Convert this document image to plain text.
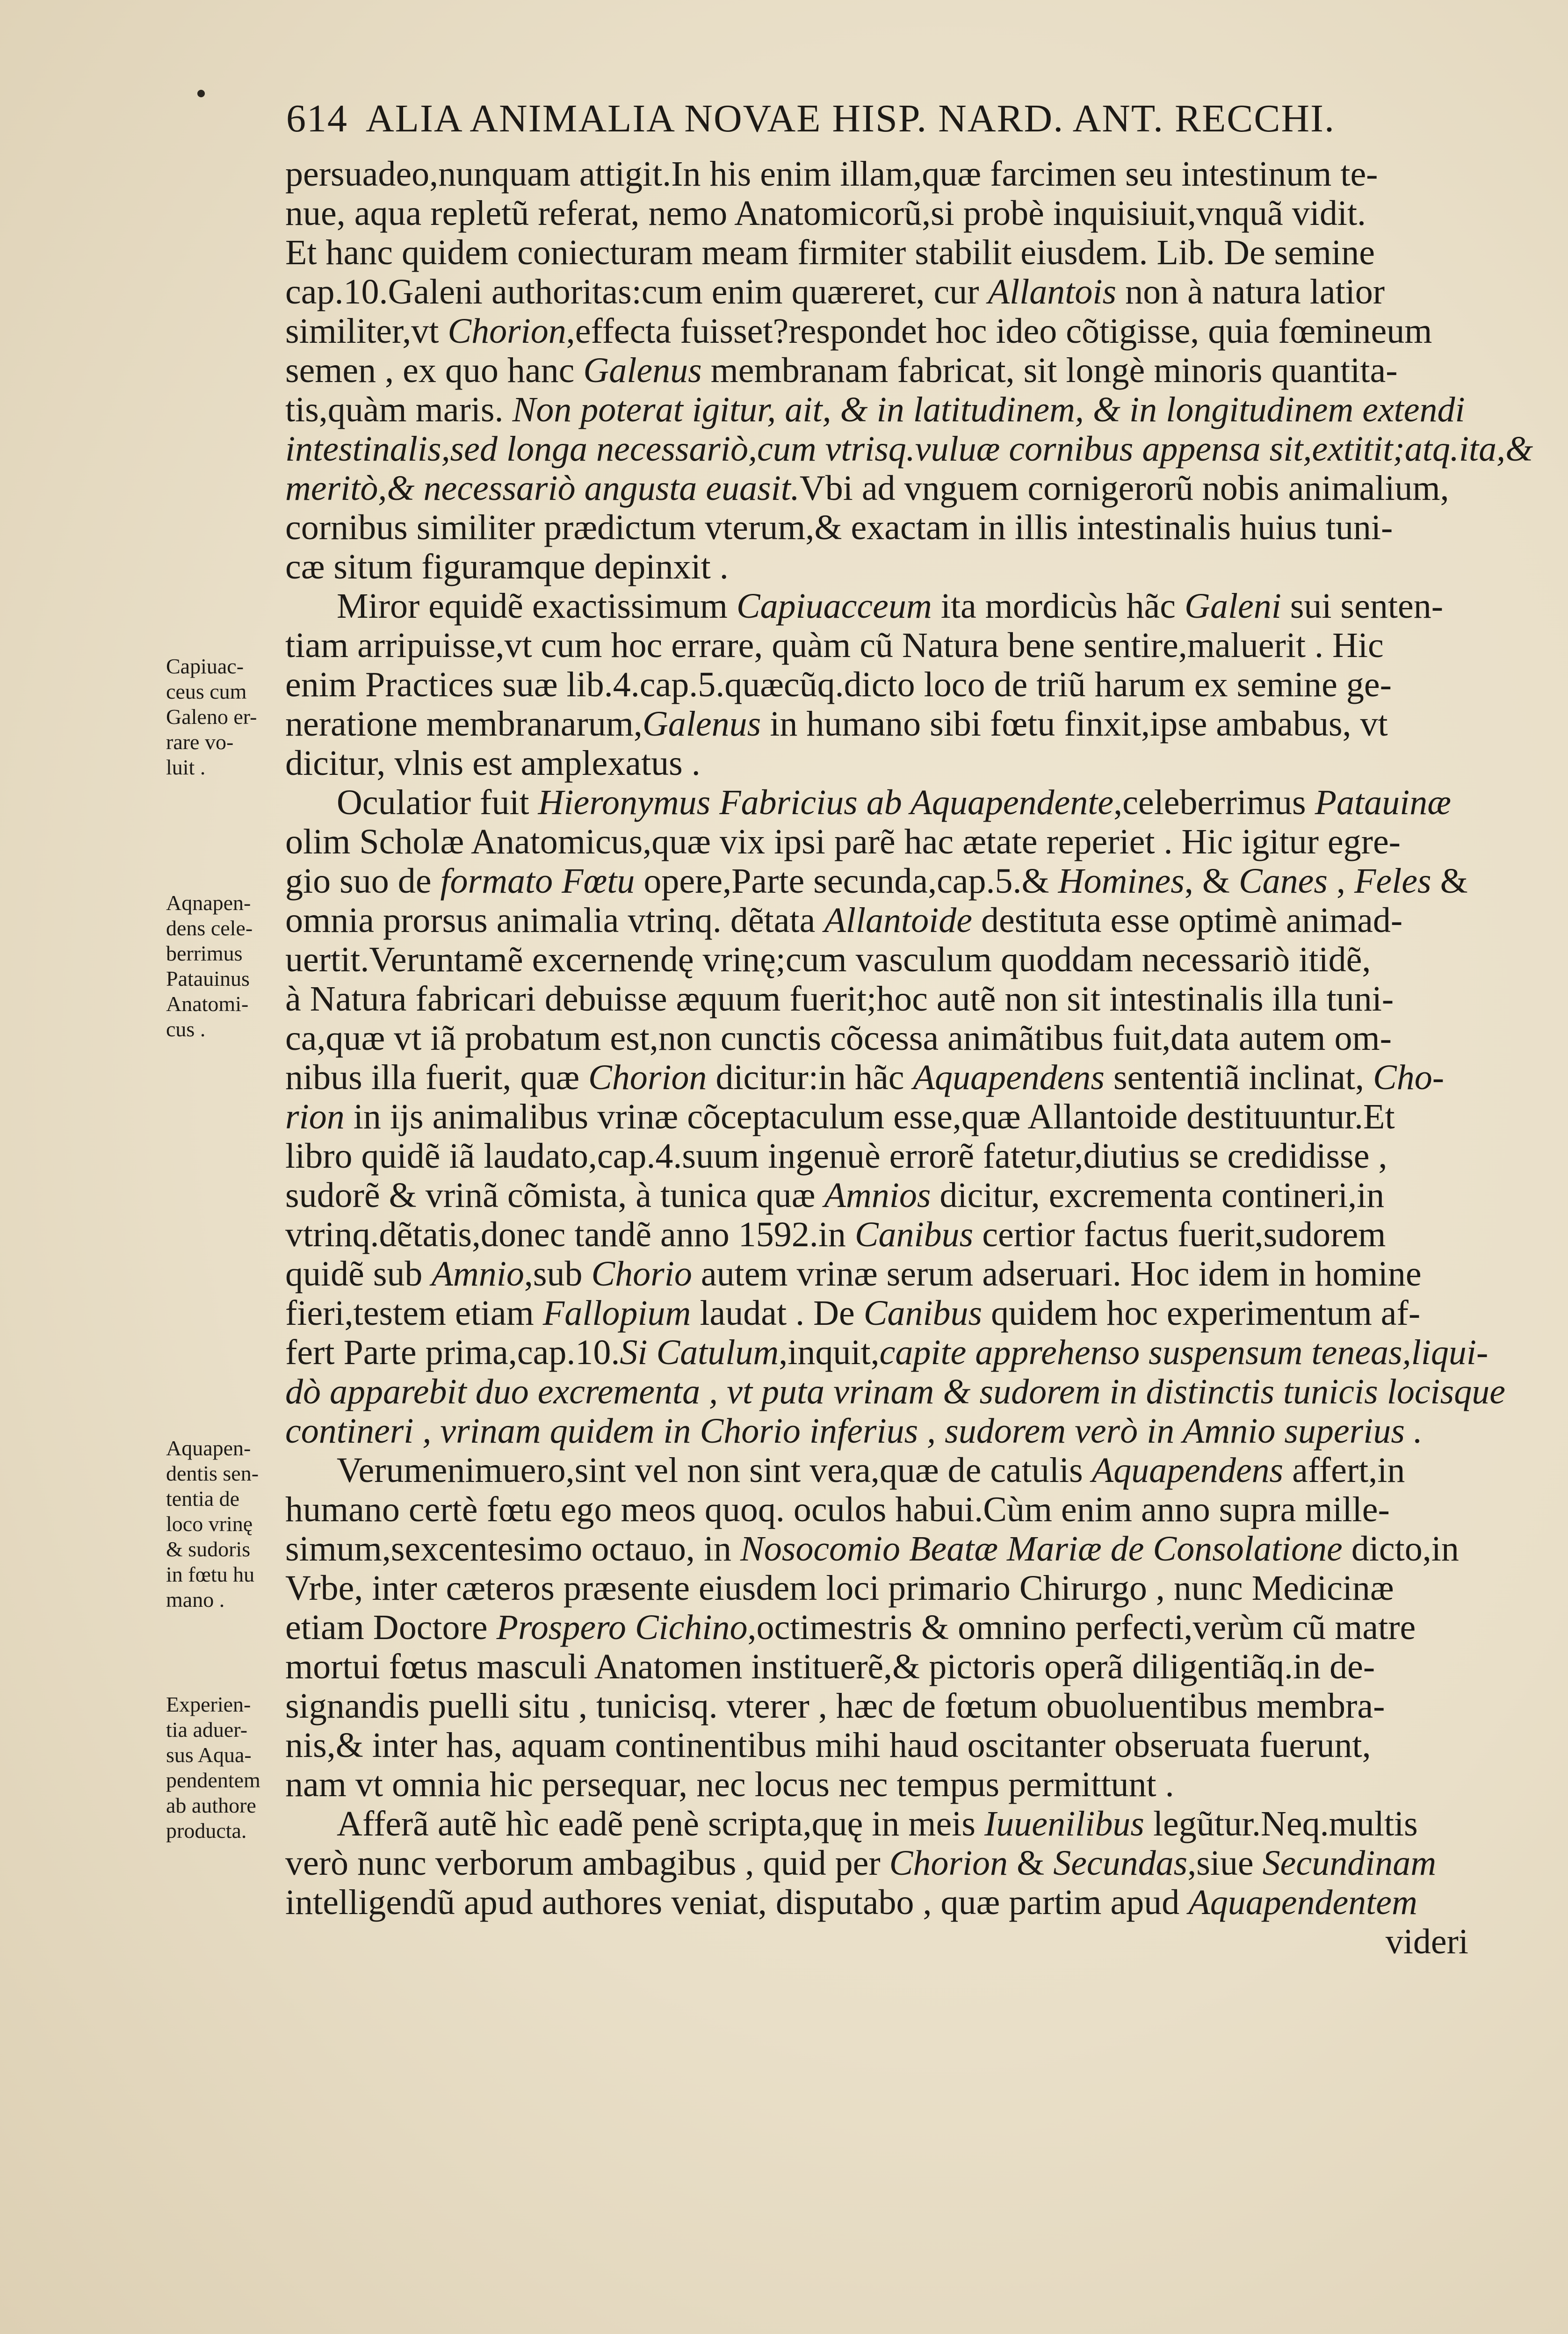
614 ALIA ANIMALIA NOVAE HISP. NARD. ANT. RECCHI.
Capiuac-
ceus cum
Galeno er-
rare vo-
luit .
Aqnapen-
dens cele-
berrimus
Patauinus
Anatomi-
cus .
Aquapen-
dentis sen-
tentia de
loco vrinę
& sudoris
in fœtu hu
mano .
Experien-
tia aduer-
sus Aqua-
pendentem
ab authore
producta.
persuadeo,nunquam attigit.In his enim illam,quæ farcimen seu intestinum te-
nue, aqua repletũ referat, nemo Anatomicorũ,si probè inquisiuit,vnquã vidit.
Et hanc quidem coniecturam meam firmiter stabilit eiusdem. Lib. De semine
cap.10.Galeni authoritas:cum enim quæreret, cur Allantois non à natura latior
similiter,vt Chorion,effecta fuisset?respondet hoc ideo cõtigisse, quia fœmineum
semen , ex quo hanc Galenus membranam fabricat, sit longè minoris quantita-
tis,quàm maris. Non poterat igitur, ait, & in latitudinem, & in longitudinem extendi
intestinalis,sed longa necessariò,cum vtrisq.vuluæ cornibus appensa sit,extitit;atq.ita,&
meritò,& necessariò angusta euasit.Vbi ad vnguem cornigerorũ nobis animalium,
cornibus similiter prædictum vterum,& exactam in illis intestinalis huius tuni-
cæ situm figuramque depinxit .
Miror equidẽ exactissimum Capiuacceum ita mordicùs hãc Galeni sui senten-
tiam arripuisse,vt cum hoc errare, quàm cũ Natura bene sentire,maluerit . Hic
enim Practices suæ lib.4.cap.5.quæcũq.dicto loco de triũ harum ex semine ge-
neratione membranarum,Galenus in humano sibi fœtu finxit,ipse ambabus, vt
dicitur, vlnis est amplexatus .
Oculatior fuit Hieronymus Fabricius ab Aquapendente,celeberrimus Patauinæ
olim Scholæ Anatomicus,quæ vix ipsi parẽ hac ætate reperiet . Hic igitur egre-
gio suo de formato Fœtu opere,Parte secunda,cap.5.& Homines, & Canes , Feles &
omnia prorsus animalia vtrinq. dẽtata Allantoide destituta esse optimè animad-
uertit.Veruntamẽ excernendę vrinę;cum vasculum quoddam necessariò itidẽ,
à Natura fabricari debuisse æquum fuerit;hoc autẽ non sit intestinalis illa tuni-
ca,quæ vt iã probatum est,non cunctis cõcessa animãtibus fuit,data autem om-
nibus illa fuerit, quæ Chorion dicitur:in hãc Aquapendens sententiã inclinat, Cho-
rion in ijs animalibus vrinæ cõceptaculum esse,quæ Allantoide destituuntur.Et
libro quidẽ iã laudato,cap.4.suum ingenuè errorẽ fatetur,diutius se credidisse ,
sudorẽ & vrinã cõmista, à tunica quæ Amnios dicitur, excrementa contineri,in
vtrinq.dẽtatis,donec tandẽ anno 1592.in Canibus certior factus fuerit,sudorem
quidẽ sub Amnio,sub Chorio autem vrinæ serum adseruari. Hoc idem in homine
fieri,testem etiam Fallopium laudat . De Canibus quidem hoc experimentum af-
fert Parte prima,cap.10.Si Catulum,inquit,capite apprehenso suspensum teneas,liqui-
dò apparebit duo excrementa , vt puta vrinam & sudorem in distinctis tunicis locisque
contineri , vrinam quidem in Chorio inferius , sudorem verò in Amnio superius .
Verumenimuero,sint vel non sint vera,quæ de catulis Aquapendens affert,in
humano certè fœtu ego meos quoq. oculos habui.Cùm enim anno supra mille-
simum,sexcentesimo octauo, in Nosocomio Beatæ Mariæ de Consolatione dicto,in
Vrbe, inter cæteros præsente eiusdem loci primario Chirurgo , nunc Medicinæ
etiam Doctore Prospero Cichino,octimestris & omnino perfecti,verùm cũ matre
mortui fœtus masculi Anatomen instituerẽ,& pictoris operã diligentiãq.in de-
signandis puelli situ , tunicisq. vterer , hæc de fœtum obuoluentibus membra-
nis,& inter has, aquam continentibus mihi haud oscitanter obseruata fuerunt,
nam vt omnia hic persequar, nec locus nec tempus permittunt .
Afferã autẽ hìc eadẽ penè scripta,quę in meis Iuuenilibus legũtur.Neq.multis
verò nunc verborum ambagibus , quid per Chorion & Secundas,siue Secundinam
intelligendũ apud authores veniat, disputabo , quæ partim apud Aquapendentem
videri
